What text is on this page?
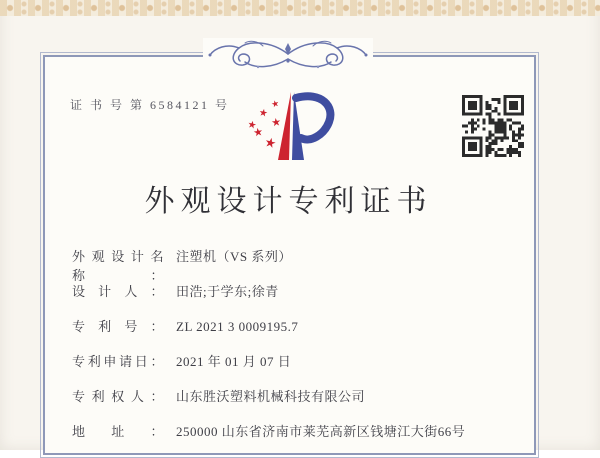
证 书 号 第 6584121 号	★
★
★
★
★
★
外观设计专利证书
外观设计名称：
注塑机（VS 系列）
设计人： 田浩;于学东;徐青
专利号： ZL 2021 3 0009195.7
专利申请日： 2021 年 01 月 07 日
专利权人： 山东胜沃塑料机械科技有限公司
地址： 250000 山东省济南市莱芜高新区钱塘江大街66号
